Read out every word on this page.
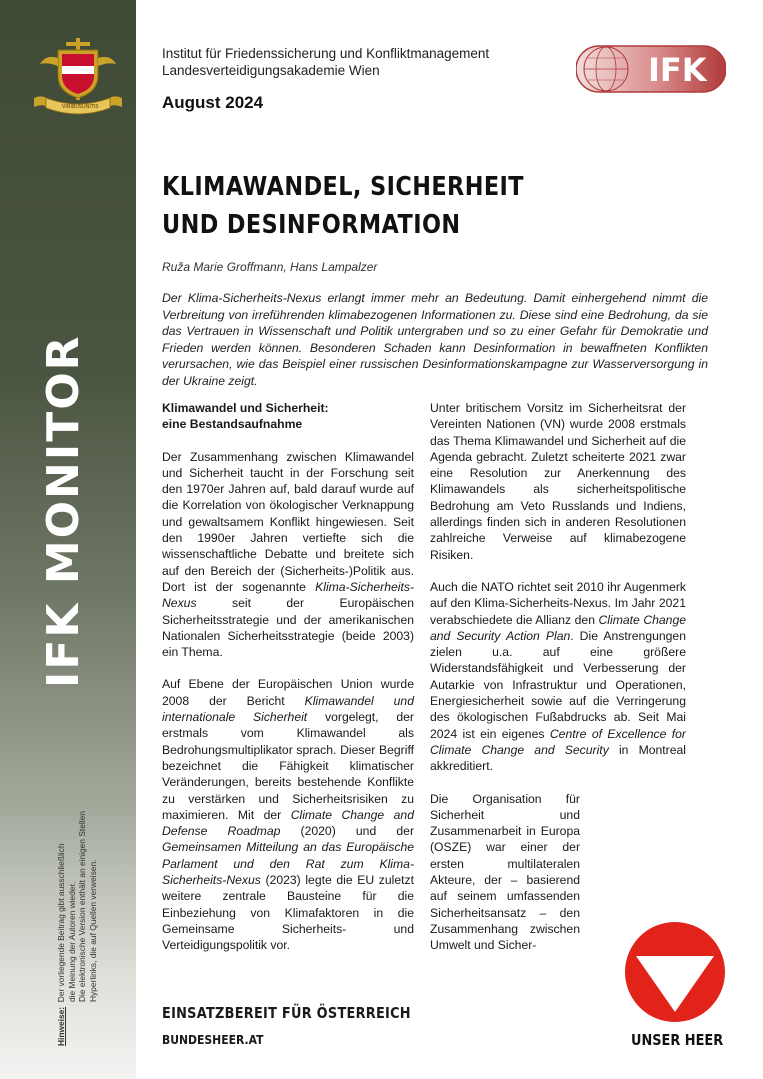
VIRIBUS UNITIS
IFK MONITOR
Hinweise:  Der vorliegende Beitrag gibt ausschließlich die Meinung der Autoren wieder. Die elektronische Version enthält an einigen Stellen Hyperlinks, die auf Quellen verweisen.
Institut für Friedenssicherung und Konfliktmanagement
Landesverteidigungsakademie Wien
August 2024
IFK
KLIMAWANDEL, SICHERHEIT
UND DESINFORMATION
Ruža Marie Groffmann, Hans Lampalzer
Der Klima-Sicherheits-Nexus erlangt immer mehr an Bedeutung. Damit einhergehend nimmt die Verbreitung von irreführenden klimabezogenen Informationen zu. Diese sind eine Bedrohung, da sie das Vertrauen in Wissenschaft und Politik untergraben und so zu einer Gefahr für Demokratie und Frieden werden können. Besonderen Schaden kann Desinformation in bewaffneten Konflikten verursachen, wie das Beispiel einer russischen Desinformationskampagne zur Wasserversorgung in der Ukraine zeigt.
Klimawandel und Sicherheit:
eine Bestandsaufnahme

Der Zusammenhang zwischen Klimawandel und Sicherheit taucht in der Forschung seit den 1970er Jahren auf, bald darauf wurde auf die Korrelation von ökologischer Verknappung und gewaltsamem Konflikt hingewiesen. Seit den 1990er Jahren vertiefte sich die wissenschaftliche Debatte und breitete sich auf den Bereich der (Sicherheits-)Politik aus. Dort ist der sogenannte Klima-Sicherheits-Nexus seit der Europäischen Sicherheitsstrategie und der amerikanischen Nationalen Sicherheitsstrategie (beide 2003) ein Thema.

Auf Ebene der Europäischen Union wurde 2008 der Bericht Klimawandel und internationale Sicherheit vorgelegt, der erstmals vom Klimawandel als Bedrohungsmultiplikator sprach. Dieser Begriff bezeichnet die Fähigkeit klimatischer Veränderungen, bereits bestehende Konflikte zu verstärken und Sicherheitsrisiken zu maximieren. Mit der Climate Change and Defense Roadmap (2020) und der Gemeinsamen Mitteilung an das Europäische Parlament und den Rat zum Klima-Sicherheits-Nexus (2023) legte die EU zuletzt weitere zentrale Bausteine für die Einbeziehung von Klimafaktoren in die Gemeinsame Sicherheits- und Verteidigungspolitik vor.

Unter britischem Vorsitz im Sicherheitsrat der Vereinten Nationen (VN) wurde 2008 erstmals das Thema Klimawandel und Sicherheit auf die Agenda gebracht. Zuletzt scheiterte 2021 zwar eine Resolution zur Anerkennung des Klimawandels als sicherheitspolitische Bedrohung am Veto Russlands und Indiens, allerdings finden sich in anderen Resolutionen zahlreiche Verweise auf klimabezogene Risiken.

Auch die NATO richtet seit 2010 ihr Augenmerk auf den Klima-Sicherheits-Nexus. Im Jahr 2021 verabschiedete die Allianz den Climate Change and Security Action Plan. Die Anstrengungen zielen u.a. auf eine größere Widerstandsfähigkeit und Verbesserung der Autarkie von Infrastruktur und Operationen, Energiesicherheit sowie auf die Verringerung des ökologischen Fußabdrucks ab. Seit Mai 2024 ist ein eigenes Centre of Excellence for Climate Change and Security in Montreal akkreditiert.

Die Organisation für Sicherheit und Zusammenarbeit in Europa (OSZE) war einer der ersten multilateralen Akteure, der – basierend auf seinem umfassenden Sicherheitsansatz – den Zusammenhang zwischen Umwelt und Sicher-

EINSATZBEREIT FÜR ÖSTERREICH
BUNDESHEER.AT	UNSER HEER
